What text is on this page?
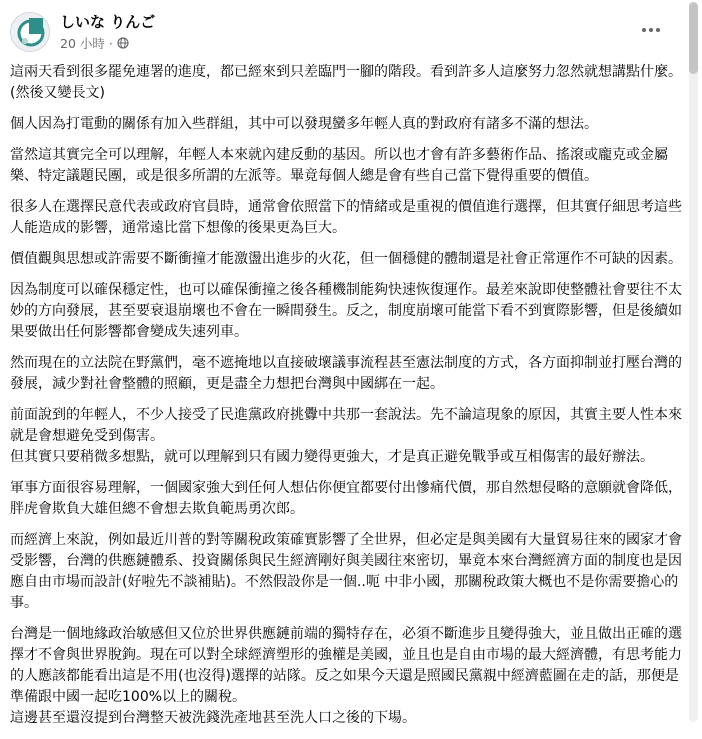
しいな りんご
20 小時 ·

這兩天看到很多罷免連署的進度，都已經來到只差臨門一腳的階段。看到許多人這麼努力忽然就想講點什麼。(然後又變長文)

個人因為打電動的關係有加入些群組，其中可以發現蠻多年輕人真的對政府有諸多不滿的想法。

當然這其實完全可以理解，年輕人本來就內建反動的基因。所以也才會有許多藝術作品、搖滾或龐克或金屬樂、特定議題民團，或是很多所謂的左派等。畢竟每個人總是會有些自己當下覺得重要的價值。

很多人在選擇民意代表或政府官員時，通常會依照當下的情緒或是重視的價值進行選擇，但其實仔細思考這些人能造成的影響，通常遠比當下想像的後果更為巨大。

價值觀與思想或許需要不斷衝撞才能激盪出進步的火花，但一個穩健的體制還是社會正常運作不可缺的因素。

因為制度可以確保穩定性，也可以確保衝撞之後各種機制能夠快速恢復運作。最差來說即使整體社會要往不太妙的方向發展，甚至要衰退崩壞也不會在一瞬間發生。反之，制度崩壞可能當下看不到實際影響，但是後續如果要做出任何影響都會變成失速列車。

然而現在的立法院在野黨們，毫不遮掩地以直接破壞議事流程甚至憲法制度的方式，各方面抑制並打壓台灣的發展，減少對社會整體的照顧，更是盡全力想把台灣與中國綁在一起。

前面說到的年輕人，不少人接受了民進黨政府挑釁中共那一套說法。先不論這現象的原因，其實主要人性本來就是會想避免受到傷害。
但其實只要稍微多想點，就可以理解到只有國力變得更強大，才是真正避免戰爭或互相傷害的最好辦法。

軍事方面很容易理解，一個國家強大到任何人想佔你便宜都要付出慘痛代價，那自然想侵略的意願就會降低，胖虎會欺負大雄但總不會想去欺負範馬勇次郎。

而經濟上來說，例如最近川普的對等關稅政策確實影響了全世界，但必定是與美國有大量貿易往來的國家才會受影響，台灣的供應鏈體系、投資關係與民生經濟剛好與美國往來密切，畢竟本來台灣經濟方面的制度也是因應自由市場而設計(好啦先不談補貼)。不然假設你是一個..呃 中非小國，那關稅政策大概也不是你需要擔心的事。

台灣是一個地緣政治敏感但又位於世界供應鏈前端的獨特存在，必須不斷進步且變得強大，並且做出正確的選擇才不會與世界脫鉤。現在可以對全球經濟塑形的強權是美國，並且也是自由市場的最大經濟體，有思考能力的人應該都能看出這是不用(也沒得)選擇的站隊。反之如果今天還是照國民黨親中經濟藍圖在走的話，那便是準備跟中國一起吃100%以上的關稅。
這邊甚至還沒提到台灣整天被洗錢洗產地甚至洗人口之後的下場。
